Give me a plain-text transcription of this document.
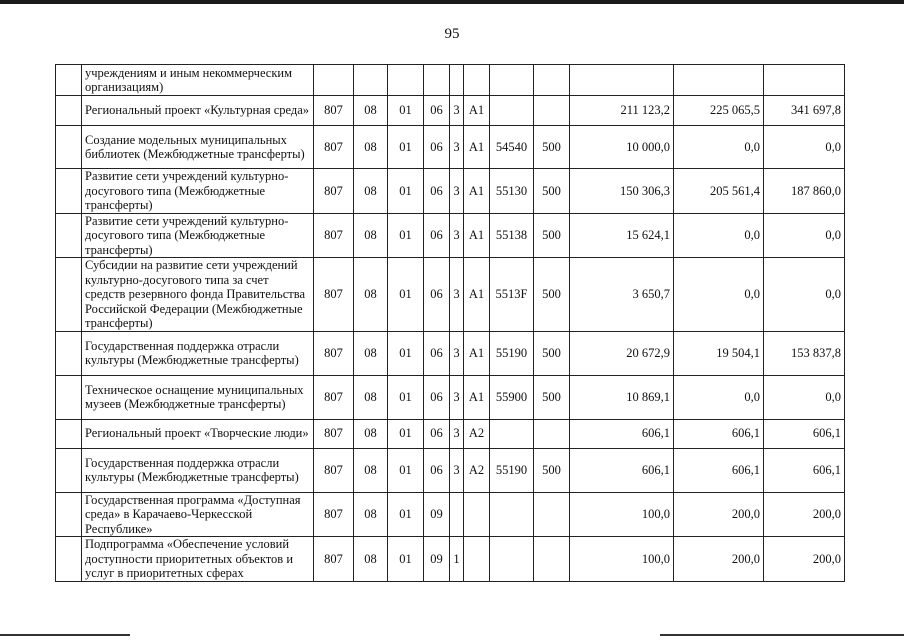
95
	учреждениям и иным некоммерческим организациям)											
	Региональный проект «Культурная среда»	807	08	01	06	3	A1			211 123,2	225 065,5	341 697,8
	Создание модельных муниципальных библиотек (Межбюджетные трансферты)	807	08	01	06	3	A1	54540	500	10 000,0	0,0	0,0
	Развитие сети учреждений культурно-досугового типа (Межбюджетные трансферты)	807	08	01	06	3	A1	55130	500	150 306,3	205 561,4	187 860,0
	Развитие сети учреждений культурно-досугового типа (Межбюджетные трансферты)	807	08	01	06	3	A1	55138	500	15 624,1	0,0	0,0
	Субсидии на развитие сети учреждений культурно-досугового типа за счет средств резервного фонда Правительства Российской Федерации (Межбюджетные трансферты)	807	08	01	06	3	A1	5513F	500	3 650,7	0,0	0,0
	Государственная поддержка отрасли культуры (Межбюджетные трансферты)	807	08	01	06	3	A1	55190	500	20 672,9	19 504,1	153 837,8
	Техническое оснащение муниципальных музеев (Межбюджетные трансферты)	807	08	01	06	3	A1	55900	500	10 869,1	0,0	0,0
	Региональный проект «Творческие люди»	807	08	01	06	3	A2			606,1	606,1	606,1
	Государственная поддержка отрасли культуры (Межбюджетные трансферты)	807	08	01	06	3	A2	55190	500	606,1	606,1	606,1
	Государственная программа «Доступная среда» в Карачаево-Черкесской Республике»	807	08	01	09					100,0	200,0	200,0
	Подпрограмма «Обеспечение условий доступности приоритетных объектов и услуг в приоритетных сферах	807	08	01	09	1				100,0	200,0	200,0
